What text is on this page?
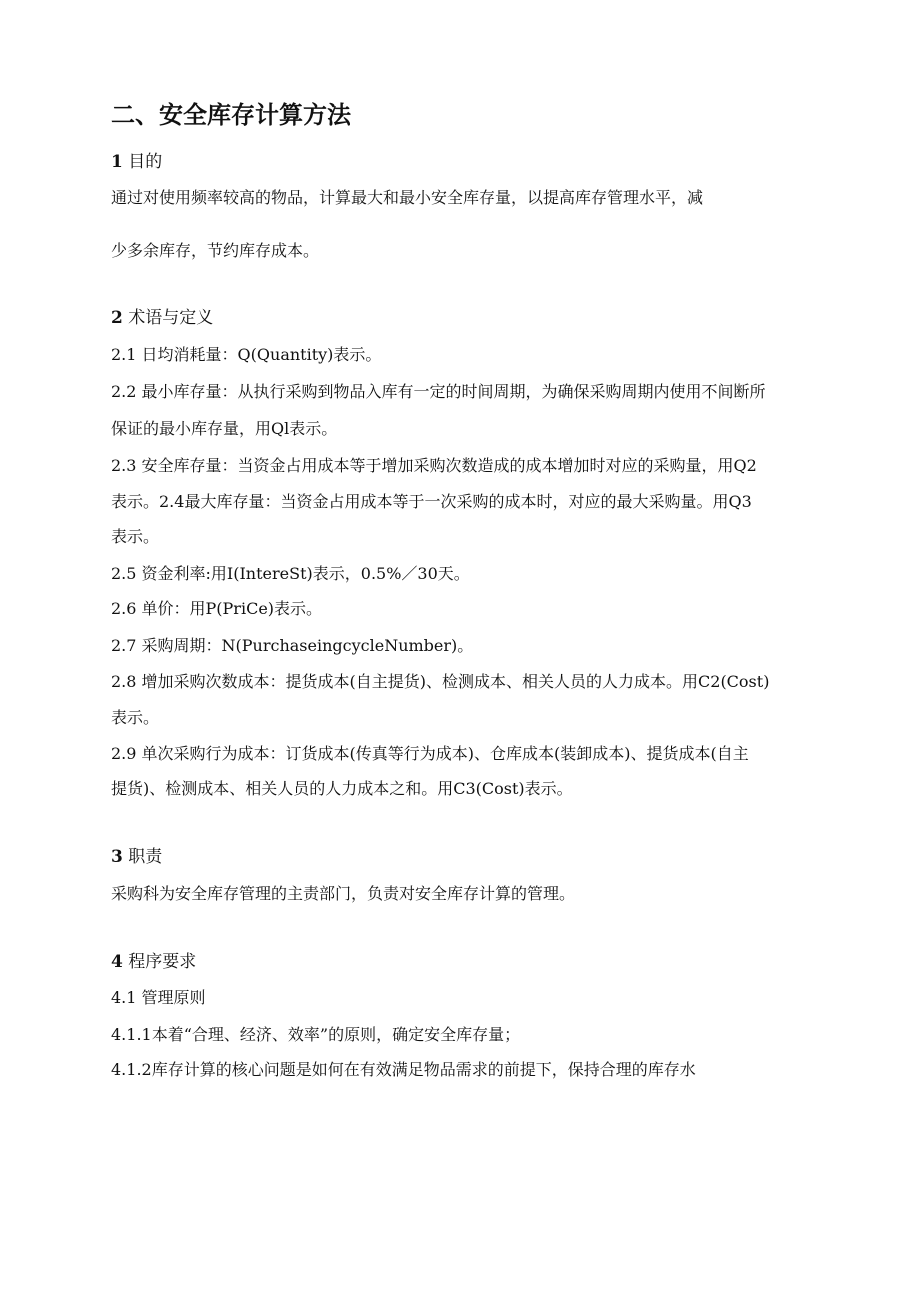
二、安全库存计算方法
1 目的
通过对使用频率较高的物品，计算最大和最小安全库存量，以提高库存管理水平，减
少多余库存，节约库存成本。
2 术语与定义
2.1 日均消耗量：Q(Quantity)表示。
2.2 最小库存量：从执行采购到物品入库有一定的时间周期，为确保采购周期内使用不间断所
保证的最小库存量，用Ql表示。
2.3 安全库存量：当资金占用成本等于增加采购次数造成的成本增加时对应的采购量，用Q2
表示。2.4最大库存量：当资金占用成本等于一次采购的成本时，对应的最大采购量。用Q3
表示。
2.5 资金利率:用I(IntereSt)表示，0.5%／30天。
2.6 单价：用P(PriCe)表示。
2.7 采购周期：N(PurchaseingcycleNumber)。
2.8 增加采购次数成本：提货成本(自主提货)、检测成本、相关人员的人力成本。用C2(Cost)
表示。
2.9 单次采购行为成本：订货成本(传真等行为成本)、仓库成本(装卸成本)、提货成本(自主
提货)、检测成本、相关人员的人力成本之和。用C3(Cost)表示。
3 职责
采购科为安全库存管理的主责部门，负责对安全库存计算的管理。
4 程序要求
4.1 管理原则
4.1.1本着“合理、经济、效率”的原则，确定安全库存量；
4.1.2库存计算的核心问题是如何在有效满足物品需求的前提下，保持合理的库存水
